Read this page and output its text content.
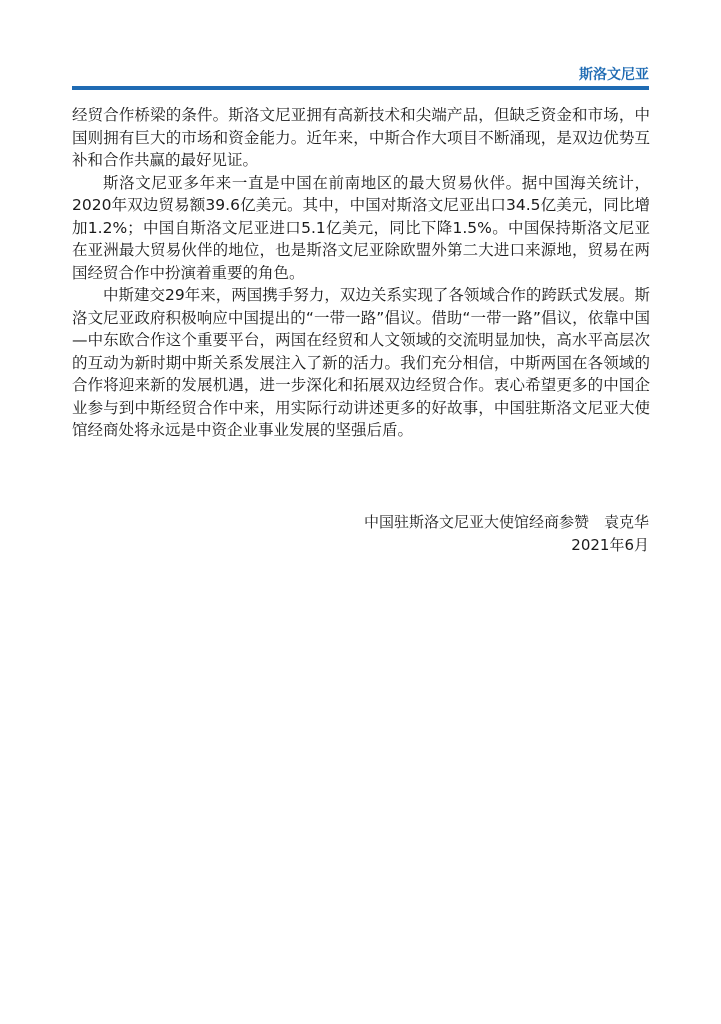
斯洛文尼亚

经贸合作桥梁的条件。斯洛文尼亚拥有高新技术和尖端产品，但缺乏资金和市场，中国则拥有巨大的市场和资金能力。近年来，中斯合作大项目不断涌现，是双边优势互补和合作共赢的最好见证。

斯洛文尼亚多年来一直是中国在前南地区的最大贸易伙伴。据中国海关统计，2020年双边贸易额39.6亿美元。其中，中国对斯洛文尼亚出口34.5亿美元，同比增加1.2%；中国自斯洛文尼亚进口5.1亿美元，同比下降1.5%。中国保持斯洛文尼亚在亚洲最大贸易伙伴的地位，也是斯洛文尼亚除欧盟外第二大进口来源地，贸易在两国经贸合作中扮演着重要的角色。

中斯建交29年来，两国携手努力，双边关系实现了各领域合作的跨跃式发展。斯洛文尼亚政府积极响应中国提出的“一带一路”倡议。借助“一带一路”倡议，依靠中国—中东欧合作这个重要平台，两国在经贸和人文领域的交流明显加快，高水平高层次的互动为新时期中斯关系发展注入了新的活力。我们充分相信，中斯两国在各领域的合作将迎来新的发展机遇，进一步深化和拓展双边经贸合作。衷心希望更多的中国企业参与到中斯经贸合作中来，用实际行动讲述更多的好故事，中国驻斯洛文尼亚大使馆经商处将永远是中资企业事业发展的坚强后盾。

中国驻斯洛文尼亚大使馆经商参赞　袁克华
2021年6月
